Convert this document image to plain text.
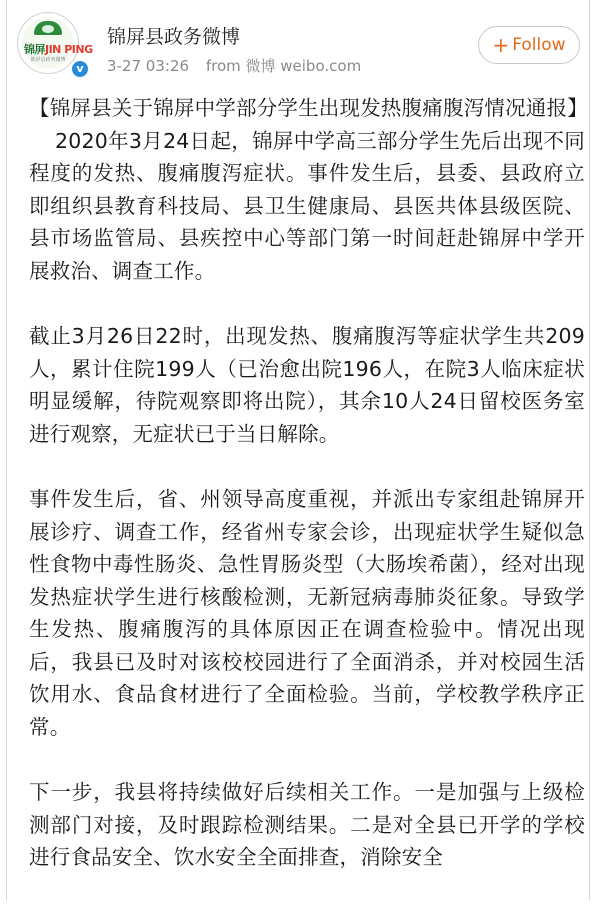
锦屏JIN PING
锦屏县政务微博
v
锦屏县政务微博
3-27 03:26 from 微博 weibo.com
+ Follow

【锦屏县关于锦屏中学部分学生出现发热腹痛腹泻情况通报】2020年3月24日起，锦屏中学高三部分学生先后出现不同程度的发热、腹痛腹泻症状。事件发生后，县委、县政府立即组织县教育科技局、县卫生健康局、县医共体县级医院、县市场监管局、县疾控中心等部门第一时间赶赴锦屏中学开展救治、调查工作。

截止3月26日22时，出现发热、腹痛腹泻等症状学生共209人，累计住院199人（已治愈出院196人，在院3人临床症状明显缓解，待院观察即将出院），其余10人24日留校医务室进行观察，无症状已于当日解除。

事件发生后，省、州领导高度重视，并派出专家组赴锦屏开展诊疗、调查工作，经省州专家会诊，出现症状学生疑似急性食物中毒性肠炎、急性胃肠炎型（大肠埃希菌），经对出现发热症状学生进行核酸检测，无新冠病毒肺炎征象。导致学生发热、腹痛腹泻的具体原因正在调查检验中。情况出现后，我县已及时对该校校园进行了全面消杀，并对校园生活饮用水、食品食材进行了全面检验。当前，学校教学秩序正常。

下一步，我县将持续做好后续相关工作。一是加强与上级检测部门对接，及时跟踪检测结果。二是对全县已开学的学校进行食品安全、饮水安全全面排查，消除安全
